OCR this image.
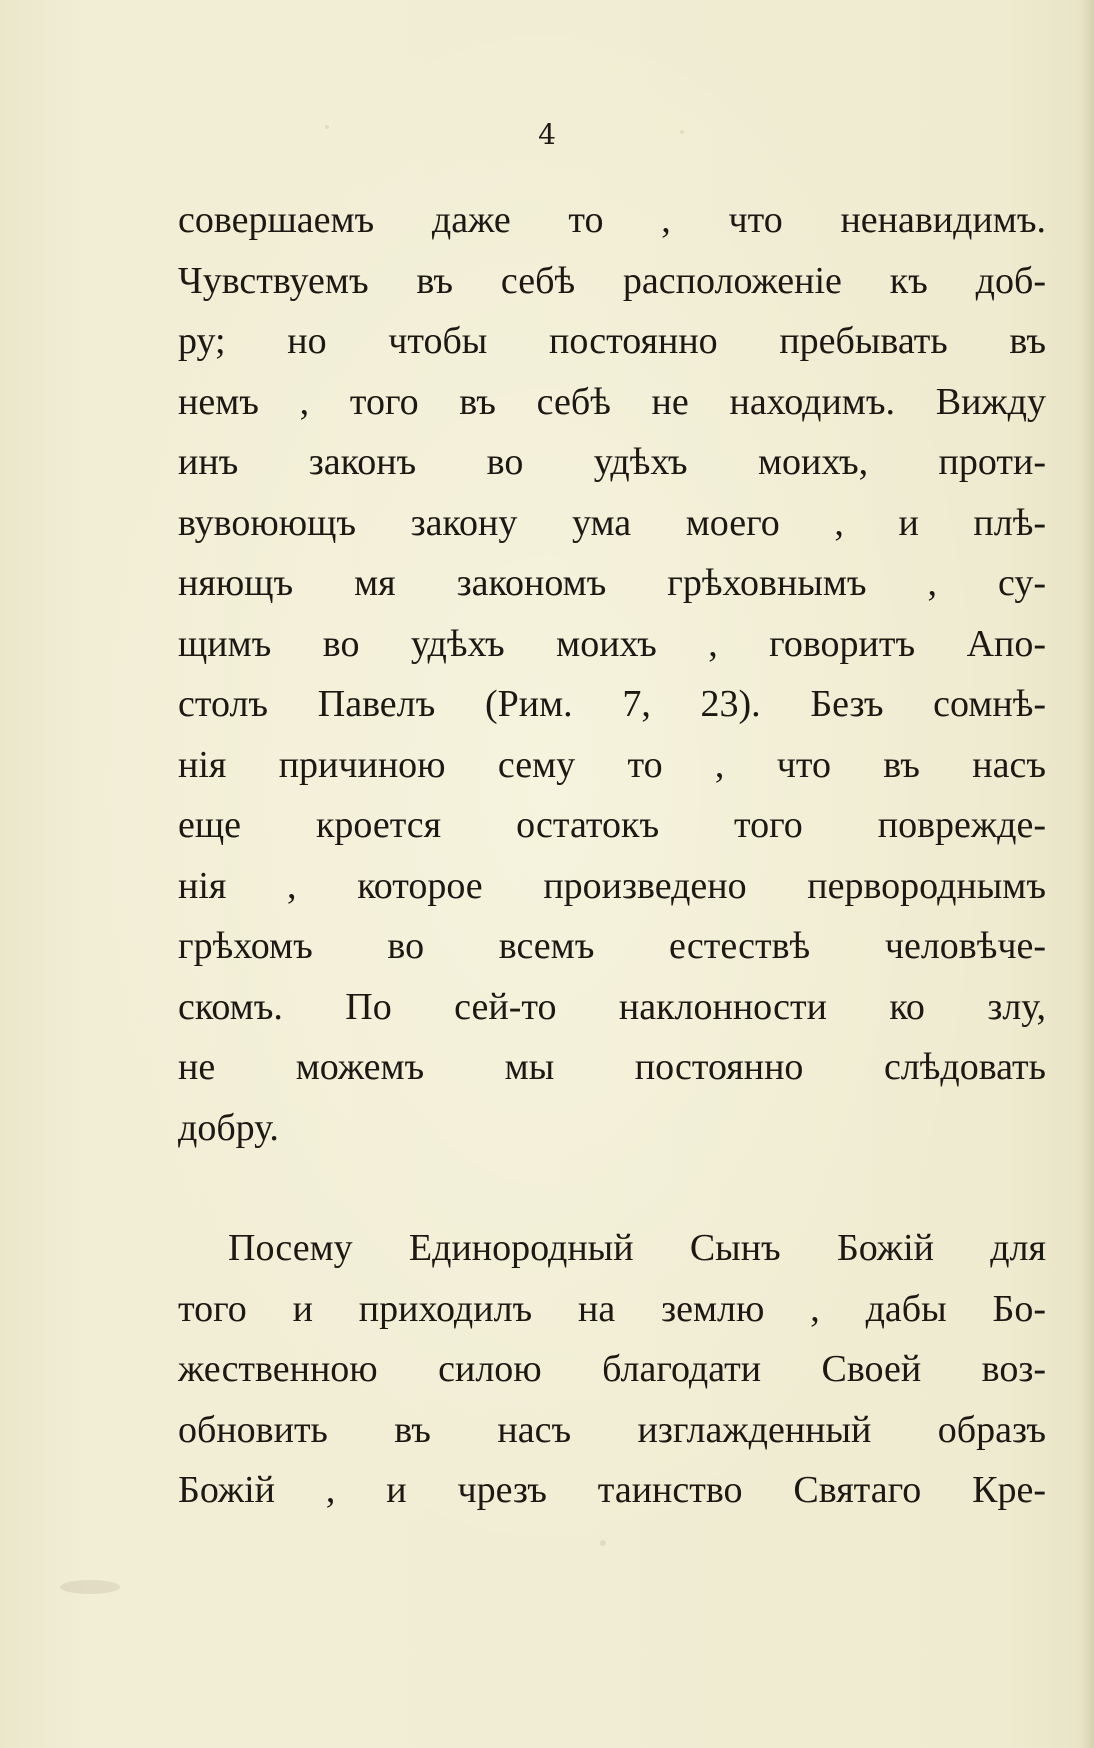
4

совершаемъ даже то , что ненавидимъ.
Чувствуемъ въ себѣ расположеніе къ доб-
ру; но чтобы постоянно пребывать въ
немъ , того въ себѣ не находимъ. Вижду
инъ законъ во удѣхъ моихъ, проти-
вувоюющъ закону ума моего , и плѣ-
няющъ мя закономъ грѣховнымъ , су-
щимъ во удѣхъ моихъ , говоритъ Апо-
столъ Павелъ (Рим. 7, 23). Безъ сомнѣ-
нія причиною сему то , что въ насъ
еще кроется остатокъ того поврежде-
нія , которое произведено первороднымъ
грѣхомъ во всемъ естествѣ человѣче-
скомъ. По сей-то наклонности ко злу,
не можемъ мы постоянно слѣдовать
добру.
Посему Единородный Сынъ Божій для
того и приходилъ на землю , дабы Бо-
жественною силою благодати Своей воз-
обновить въ насъ изглажденный образъ
Божій , и чрезъ таинство Святаго Кре-
